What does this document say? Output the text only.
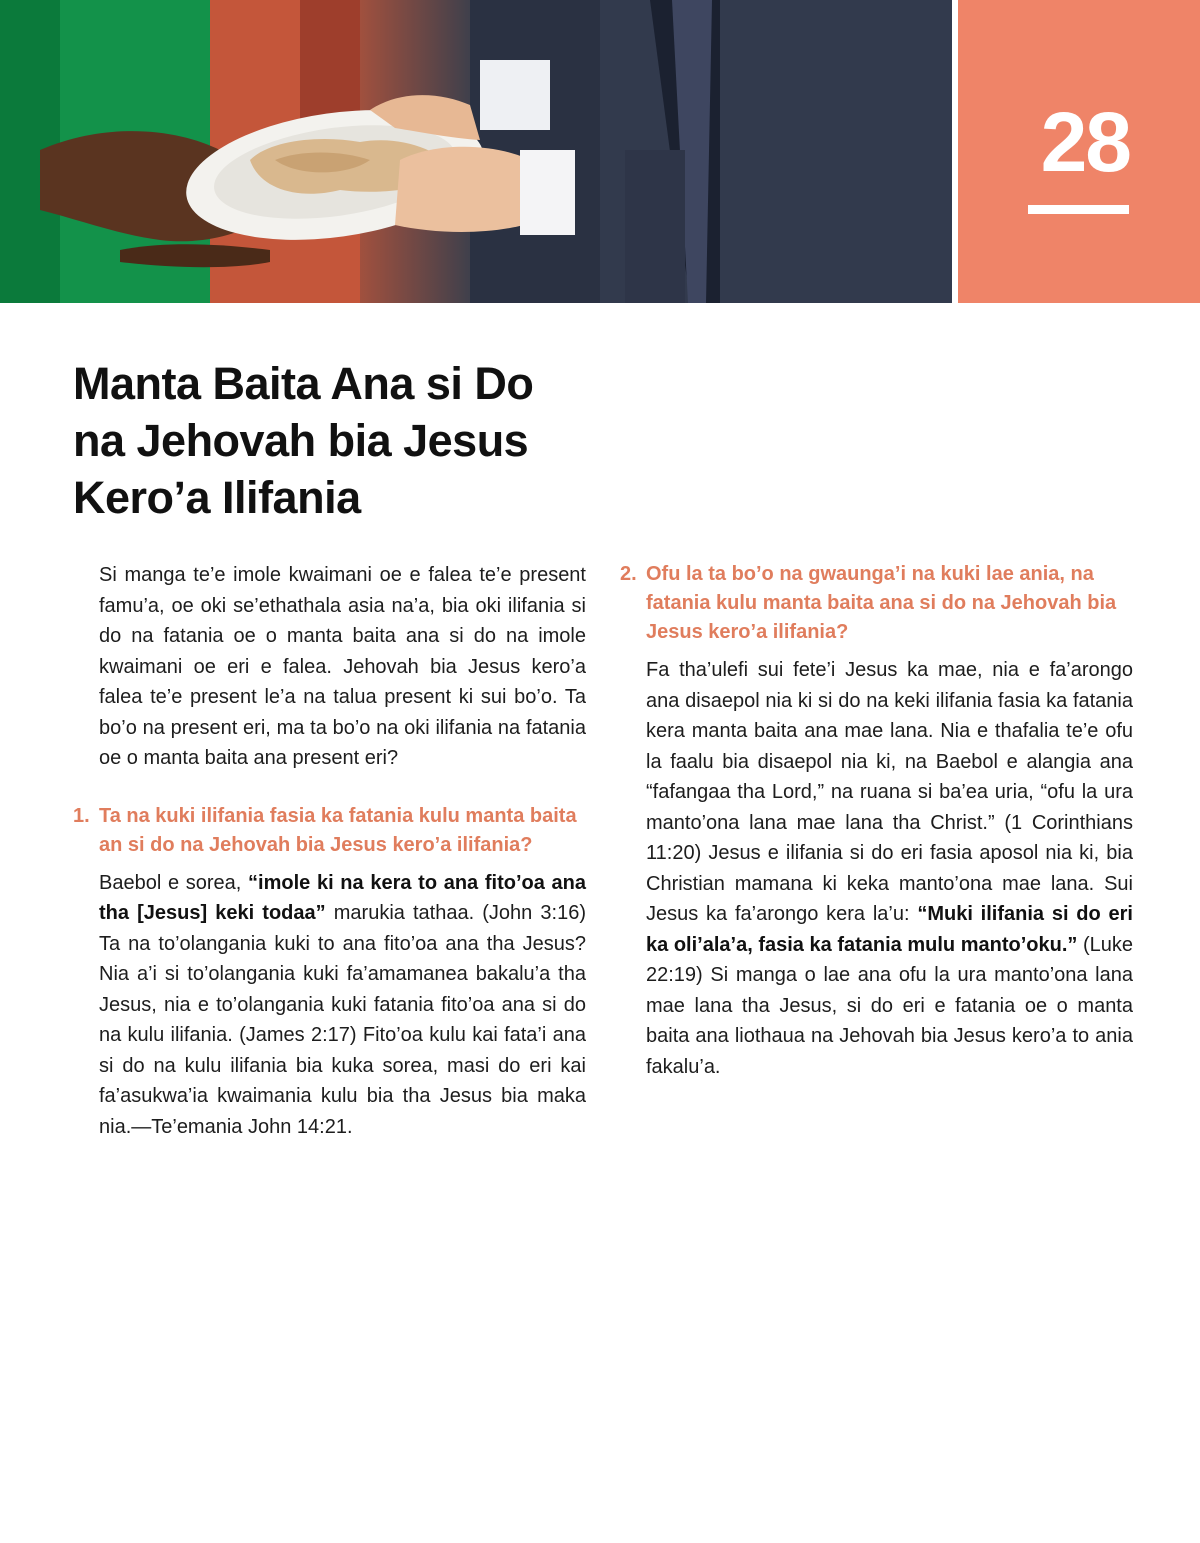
28
Manta Baita Ana si Do
na Jehovah bia Jesus
Kero’a Ilifania

Si manga te’e imole kwaimani oe e falea te’e present famu’a, oe oki se’ethathala asia na’a, bia oki ilifania si do na fatania oe o manta baita ana si do na imole kwaimani oe eri e falea. Jehovah bia Jesus kero’a falea te’e present le’a na talua present ki sui bo’o. Ta bo’o na present eri, ma ta bo’o na oki ilifania na fatania oe o manta baita ana present eri?

1. Ta na kuki ilifania fasia ka fatania kulu manta baita an si do na Jehovah bia Jesus kero’a ilifania?

Baebol e sorea, “imole ki na kera to ana fito’oa ana tha [Jesus] keki todaa” marukia tathaa. (John 3:16) Ta na to’olangania kuki to ana fito’oa ana tha Jesus? Nia a’i si to’olangania kuki fa’amamanea bakalu’a tha Jesus, nia e to’olangania kuki fatania fito’oa ana si do na kulu ilifania. (James 2:17) Fito’oa kulu kai fata’i ana si do na kulu ilifania bia kuka sorea, masi do eri kai fa’asukwa’ia kwaimania kulu bia tha Jesus bia maka nia.—Te’emania John 14:21.

2. Ofu la ta bo’o na gwaunga’i na kuki lae ania, na fatania kulu manta baita ana si do na Jehovah bia Jesus kero’a ilifania?

Fa tha’ulefi sui fete’i Jesus ka mae, nia e fa’arongo ana disaepol nia ki si do na keki ilifania fasia ka fatania kera manta baita ana mae lana. Nia e thafalia te’e ofu la faalu bia disaepol nia ki, na Baebol e alangia ana “fafangaa tha Lord,” na ruana si ba’ea uria, “ofu la ura manto’ona lana mae lana tha Christ.” (1 Corinthians 11:20) Jesus e ilifania si do eri fasia aposol nia ki, bia Christian mamana ki keka manto’ona mae lana. Sui Jesus ka fa’arongo kera la’u: “Muki ilifania si do eri ka oli’ala’a, fasia ka fatania mulu manto’oku.” (Luke 22:19) Si manga o lae ana ofu la ura manto’ona lana mae lana tha Jesus, si do eri e fatania oe o manta baita ana liothaua na Jehovah bia Jesus kero’a to ania fakalu’a.
